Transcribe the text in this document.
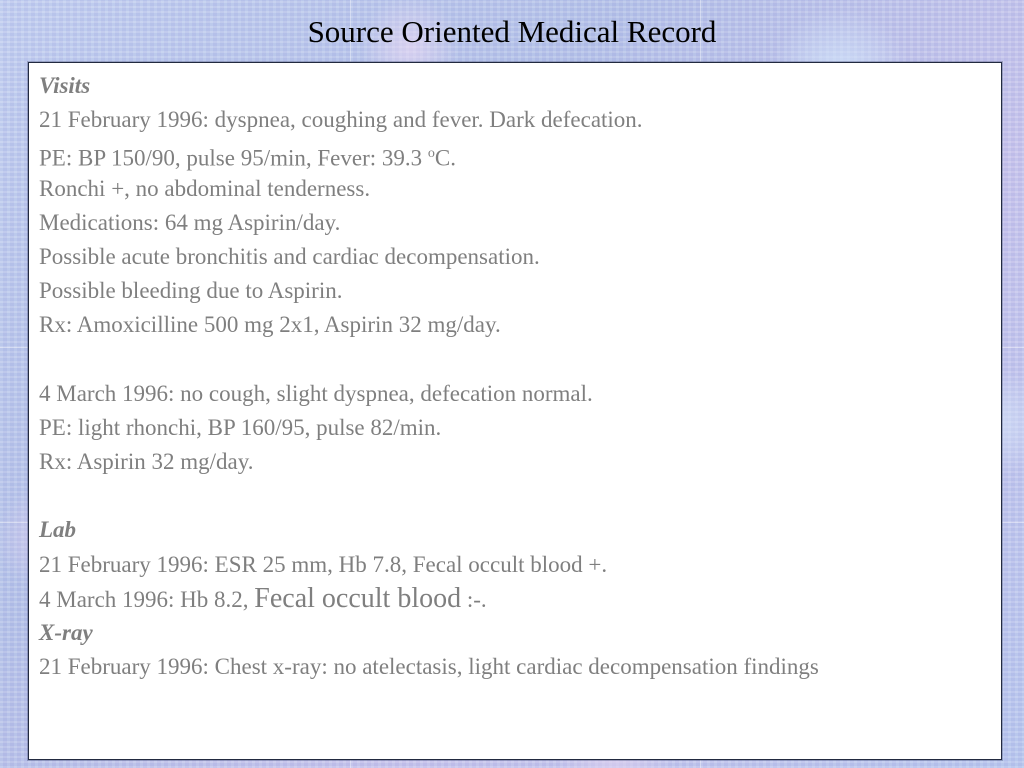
Source Oriented Medical Record
Visits
21 February 1996: dyspnea, coughing and fever. Dark defecation.
PE: BP 150/90, pulse 95/min, Fever: 39.3 $^o$C.
Ronchi +, no abdominal tenderness.
Medications: 64 mg Aspirin/day.
Possible acute bronchitis and cardiac decompensation.
Possible bleeding due to Aspirin.
Rx: Amoxicilline 500 mg 2x1, Aspirin 32 mg/day.
4 March 1996: no cough, slight dyspnea, defecation normal.
PE: light rhonchi, BP 160/95, pulse 82/min.
Rx: Aspirin 32 mg/day.
Lab
21 February 1996: ESR 25 mm, Hb 7.8, Fecal occult blood +.
4 March 1996: Hb 8.2, Fecal occult blood :-.
X-ray
21 February 1996: Chest x-ray: no atelectasis, light cardiac decompensation findings
